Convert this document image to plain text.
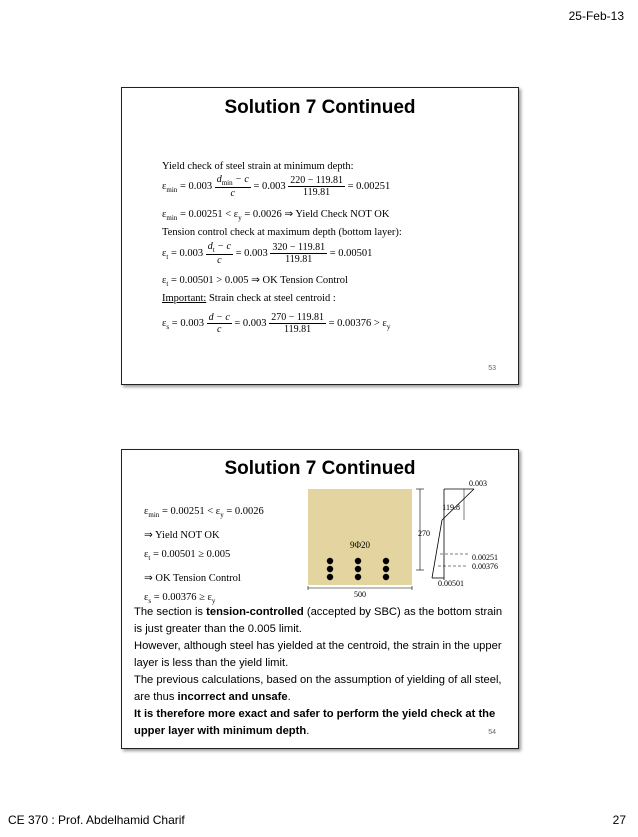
25-Feb-13
Solution 7 Continued
Yield check of steel strain at minimum depth:
$\varepsilon_{min} = 0.003 \frac{d_{min} - c}{c} = 0.003 \frac{220 - 119.81}{119.81} = 0.00251$
$\varepsilon_{min} = 0.00251 < \varepsilon_y = 0.0026$ ⇒ Yield Check NOT OK
Tension control check at maximum depth (bottom layer):
$\varepsilon_t = 0.003 \frac{d_t - c}{c} = 0.003 \frac{320 - 119.81}{119.81} = 0.00501$
$\varepsilon_t = 0.00501 > 0.005$ ⇒ OK Tension Control
Important: Strain check at steel centroid :
$\varepsilon_s = 0.003 \frac{d - c}{c} = 0.003 \frac{270 - 119.81}{119.81} = 0.00376 > \varepsilon_y$
53
Solution 7 Continued
$\varepsilon_{min} = 0.00251 < \varepsilon_y = 0.0026$
⇒ Yield NOT OK
$\varepsilon_t = 0.00501 \ge 0.005$
⇒ OK Tension Control
$\varepsilon_s = 0.00376 \ge \varepsilon_y$
9Φ20
500
270
119.8
0.003
0.00251
0.00376
0.00501

The section is tension-controlled (accepted by SBC) as the bottom strain is just greater than the 0.005 limit.

However, although steel has yielded at the centroid, the strain in the upper layer is less than the yield limit.

The previous calculations, based on the assumption of yielding of all steel, are thus incorrect and unsafe.

It is therefore more exact and safer to perform the yield check at the upper layer with minimum depth.	54
CE 370 : Prof. Abdelhamid Charif	27
